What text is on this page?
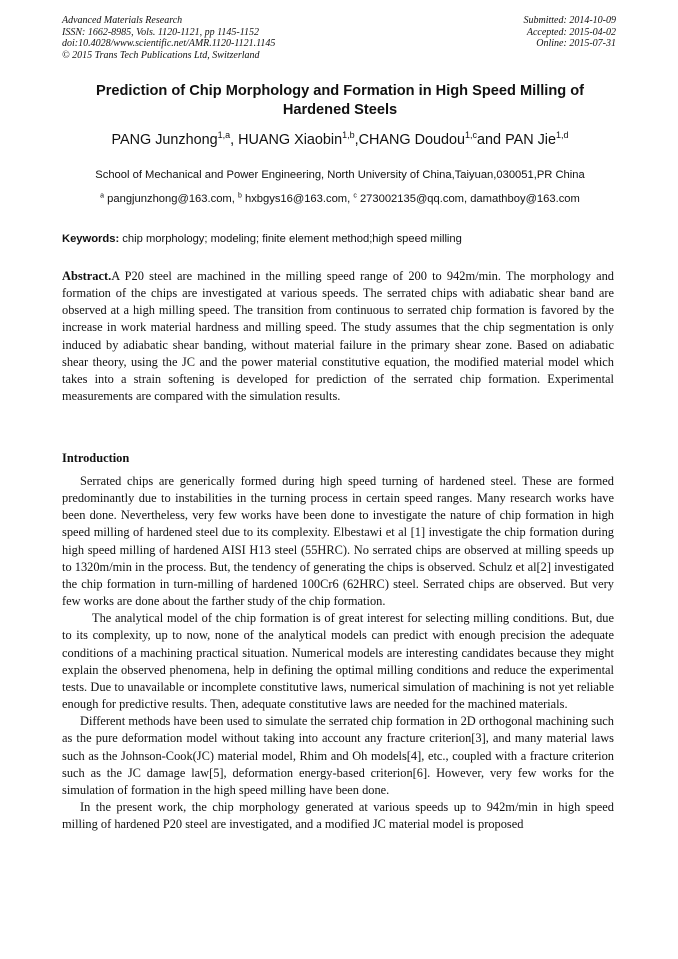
Advanced Materials Research
ISSN: 1662-8985, Vols. 1120-1121, pp 1145-1152
doi:10.4028/www.scientific.net/AMR.1120-1121.1145
© 2015 Trans Tech Publications Ltd, Switzerland
Submitted: 2014-10-09
Accepted: 2015-04-02
Online: 2015-07-31
Prediction of Chip Morphology and Formation in High Speed Milling of Hardened Steels
PANG Junzhong$^{1,a}$, HUANG Xiaobin$^{1,b}$,CHANG Doudou$^{1,c}$and PAN Jie$^{1,d}$
School of Mechanical and Power Engineering, North University of China,Taiyuan,030051,PR China
$^a$ pangjunzhong@163.com, $^b$ hxbgys16@163.com, $^c$ 273002135@qq.com, damathboy@163.com
Keywords: chip morphology; modeling; finite element method;high speed milling
Abstract.A P20 steel are machined in the milling speed range of 200 to 942m/min. The morphology and formation of the chips are investigated at various speeds. The serrated chips with adiabatic shear band are observed at a high milling speed. The transition from continuous to serrated chip formation is favored by the increase in work material hardness and milling speed. The study assumes that the chip segmentation is only induced by adiabatic shear banding, without material failure in the primary shear zone. Based on adiabatic shear theory, using the JC and the power material constitutive equation, the modified material model which takes into a strain softening is developed for prediction of the serrated chip formation. Experimental measurements are compared with the simulation results.
Introduction

Serrated chips are generically formed during high speed turning of hardened steel. These are formed predominantly due to instabilities in the turning process in certain speed ranges. Many research works have been done. Nevertheless, very few works have been done to investigate the nature of chip formation in high speed milling of hardened steel due to its complexity. Elbestawi et al [1] investigate the chip formation during high speed milling of hardened AISI H13 steel (55HRC). No serrated chips are observed at milling speeds up to 1320m/min in the process. But, the tendency of generating the chips is observed. Schulz et al[2] investigated the chip formation in turn-milling of hardened 100Cr6 (62HRC) steel. Serrated chips are observed. But very few works are done about the farther study of the chip formation.

The analytical model of the chip formation is of great interest for selecting milling conditions. But, due to its complexity, up to now, none of the analytical models can predict with enough precision the adequate conditions of a machining practical situation. Numerical models are interesting candidates because they might explain the observed phenomena, help in defining the optimal milling conditions and reduce the experimental tests. Due to unavailable or incomplete constitutive laws, numerical simulation of machining is not yet reliable enough for predictive results. Then, adequate constitutive laws are needed for the machined materials.

Different methods have been used to simulate the serrated chip formation in 2D orthogonal machining such as the pure deformation model without taking into account any fracture criterion[3], and many material laws such as the Johnson-Cook(JC) material model, Rhim and Oh models[4], etc., coupled with a fracture criterion such as the JC damage law[5], deformation energy-based criterion[6]. However, very few works for the simulation of formation in the high speed milling have been done.

In the present work, the chip morphology generated at various speeds up to 942m/min in high speed milling of hardened P20 steel are investigated, and a modified JC material model is proposed
